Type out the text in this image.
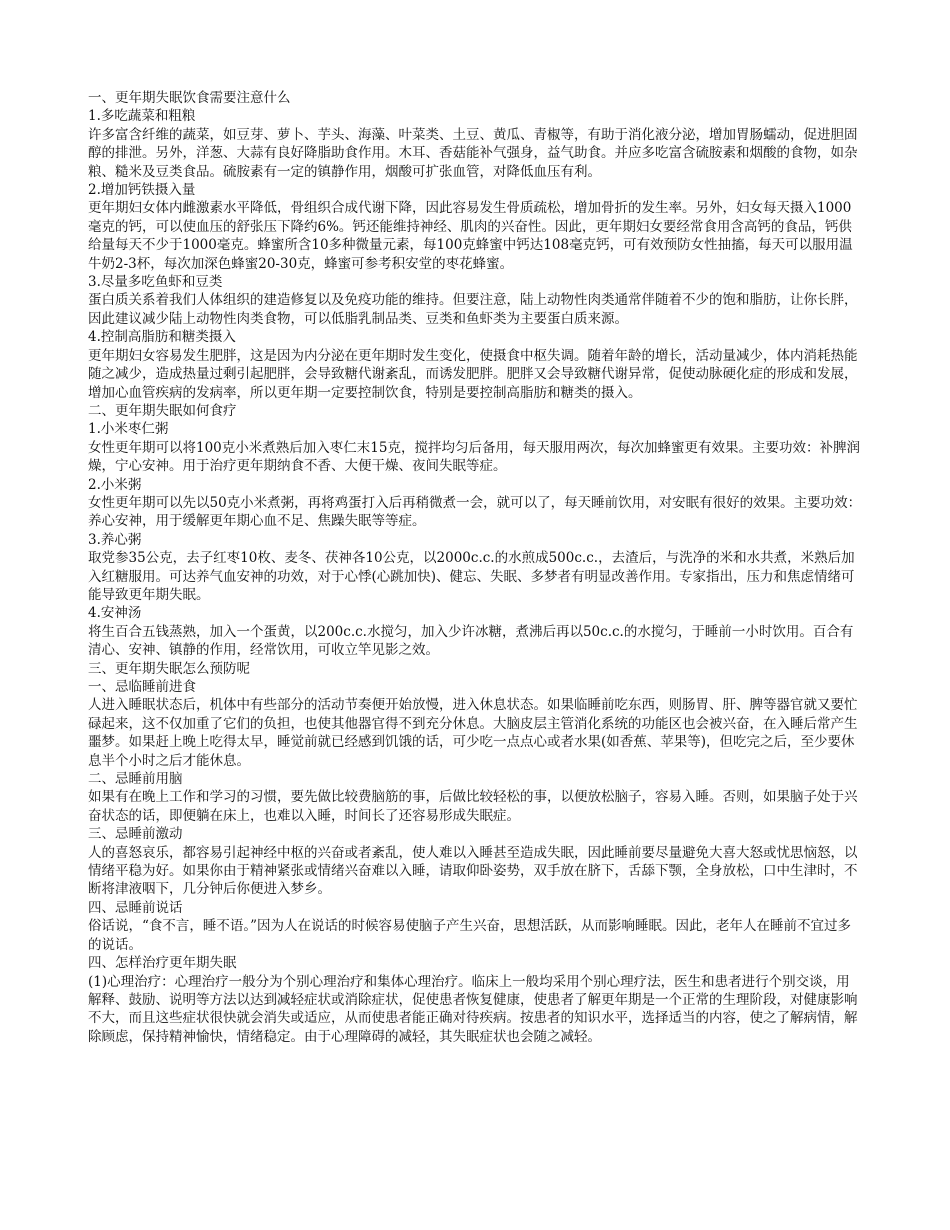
一、更年期失眠饮食需要注意什么

1.多吃蔬菜和粗粮

许多富含纤维的蔬菜，如豆芽、萝卜、芋头、海藻、叶菜类、土豆、黄瓜、青椒等，有助于消化液分泌，增加胃肠蠕动，促进胆固醇的排泄。另外，洋葱、大蒜有良好降脂助食作用。木耳、香菇能补气强身，益气助食。并应多吃富含硫胺素和烟酸的食物，如杂粮、糙米及豆类食品。硫胺素有一定的镇静作用，烟酸可扩张血管，对降低血压有利。

2.增加钙铁摄入量

更年期妇女体内雌激素水平降低，骨组织合成代谢下降，因此容易发生骨质疏松，增加骨折的发生率。另外，妇女每天摄入1000毫克的钙，可以使血压的舒张压下降约6%。钙还能维持神经、肌肉的兴奋性。因此，更年期妇女要经常食用含高钙的食品，钙供给量每天不少于1000毫克。蜂蜜所含10多种微量元素，每100克蜂蜜中钙达108毫克钙，可有效预防女性抽搐，每天可以服用温牛奶2-3杯，每次加深色蜂蜜20-30克，蜂蜜可参考积安堂的枣花蜂蜜。

3.尽量多吃鱼虾和豆类

蛋白质关系着我们人体组织的建造修复以及免疫功能的维持。但要注意，陆上动物性肉类通常伴随着不少的饱和脂肪，让你长胖，因此建议减少陆上动物性肉类食物，可以低脂乳制品类、豆类和鱼虾类为主要蛋白质来源。

4.控制高脂肪和糖类摄入

更年期妇女容易发生肥胖，这是因为内分泌在更年期时发生变化，使摄食中枢失调。随着年龄的增长，活动量减少，体内消耗热能随之减少，造成热量过剩引起肥胖，会导致糖代谢紊乱，而诱发肥胖。肥胖又会导致糖代谢异常，促使动脉硬化症的形成和发展，增加心血管疾病的发病率，所以更年期一定要控制饮食，特别是要控制高脂肪和糖类的摄入。

二、更年期失眠如何食疗

1.小米枣仁粥

女性更年期可以将100克小米煮熟后加入枣仁末15克，搅拌均匀后备用，每天服用两次，每次加蜂蜜更有效果。主要功效：补脾润燥，宁心安神。用于治疗更年期纳食不香、大便干燥、夜间失眠等症。

2.小米粥

女性更年期可以先以50克小米煮粥，再将鸡蛋打入后再稍微煮一会，就可以了，每天睡前饮用，对安眠有很好的效果。主要功效：养心安神，用于缓解更年期心血不足、焦躁失眠等等症。

3.养心粥

取党参35公克，去子红枣10枚、麦冬、茯神各10公克，以2000c.c.的水煎成500c.c.，去渣后，与洗净的米和水共煮，米熟后加入红糖服用。可达养气血安神的功效，对于心悸(心跳加快)、健忘、失眠、多梦者有明显改善作用。专家指出，压力和焦虑情绪可能导致更年期失眠。

4.安神汤

将生百合五钱蒸熟，加入一个蛋黄，以200c.c.水搅匀，加入少许冰糖，煮沸后再以50c.c.的水搅匀，于睡前一小时饮用。百合有清心、安神、镇静的作用，经常饮用，可收立竿见影之效。

三、更年期失眠怎么预防呢

一、忌临睡前进食

人进入睡眠状态后，机体中有些部分的活动节奏便开始放慢，进入休息状态。如果临睡前吃东西，则肠胃、肝、脾等器官就又要忙碌起来，这不仅加重了它们的负担，也使其他器官得不到充分休息。大脑皮层主管消化系统的功能区也会被兴奋，在入睡后常产生噩梦。如果赶上晚上吃得太早，睡觉前就已经感到饥饿的话，可少吃一点点心或者水果(如香蕉、苹果等)，但吃完之后，至少要休息半个小时之后才能休息。

二、忌睡前用脑

如果有在晚上工作和学习的习惯，要先做比较费脑筋的事，后做比较轻松的事，以便放松脑子，容易入睡。否则，如果脑子处于兴奋状态的话，即便躺在床上，也难以入睡，时间长了还容易形成失眠症。

三、忌睡前激动

人的喜怒哀乐，都容易引起神经中枢的兴奋或者紊乱，使人难以入睡甚至造成失眠，因此睡前要尽量避免大喜大怒或忧思恼怒，以情绪平稳为好。如果你由于精神紧张或情绪兴奋难以入睡，请取仰卧姿势，双手放在脐下，舌舔下颚，全身放松，口中生津时，不断将津液咽下，几分钟后你便进入梦乡。

四、忌睡前说话

俗话说，“食不言，睡不语。”因为人在说话的时候容易使脑子产生兴奋，思想活跃，从而影响睡眠。因此，老年人在睡前不宜过多的说话。

四、怎样治疗更年期失眠

(1)心理治疗：心理治疗一般分为个别心理治疗和集体心理治疗。临床上一般均采用个别心理疗法，医生和患者进行个别交谈，用解释、鼓励、说明等方法以达到减轻症状或消除症状，促使患者恢复健康，使患者了解更年期是一个正常的生理阶段，对健康影响不大，而且这些症状很快就会消失或适应，从而使患者能正确对待疾病。按患者的知识水平，选择适当的内容，使之了解病情，解除顾虑，保持精神愉快，情绪稳定。由于心理障碍的减轻，其失眠症状也会随之减轻。
